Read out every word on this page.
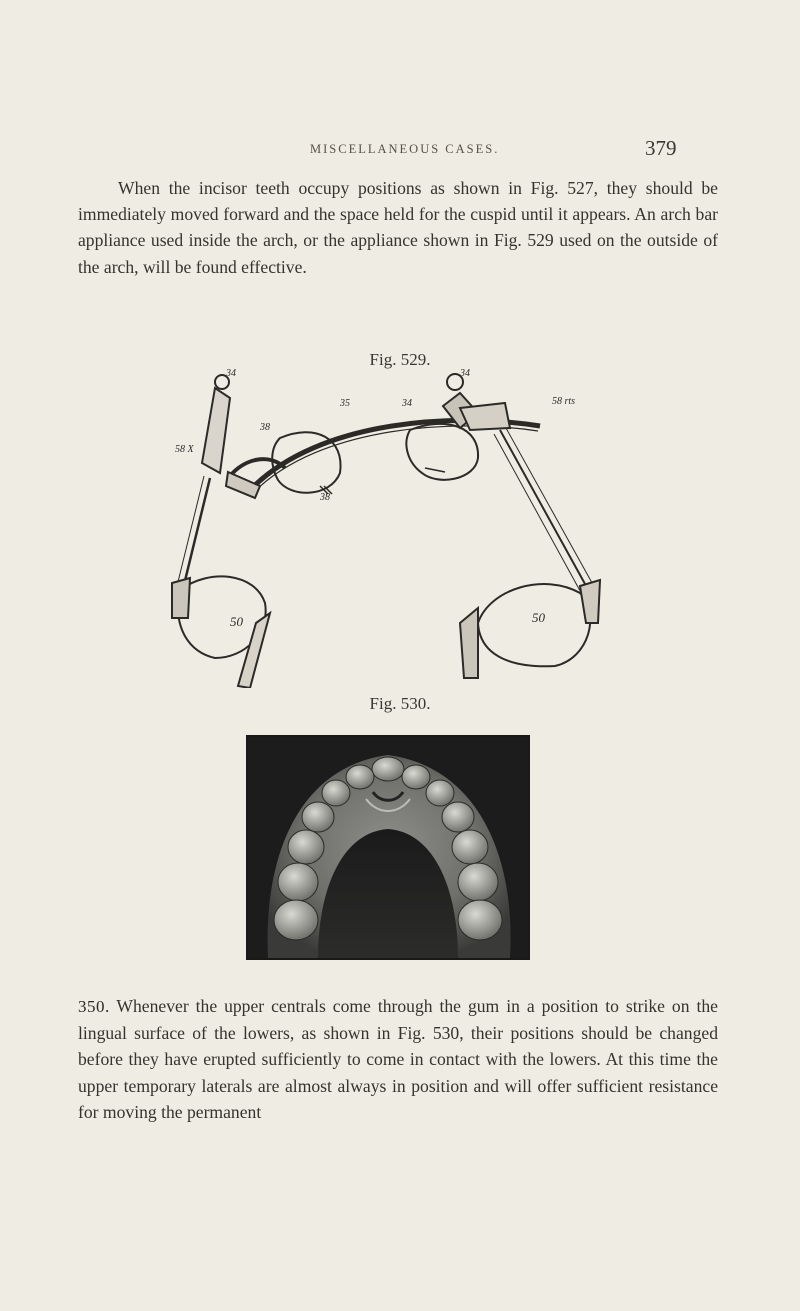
MISCELLANEOUS CASES.	379

When the incisor teeth occupy positions as shown in Fig. 527, they should be immediately moved forward and the space held for the cuspid until it appears. An arch bar appliance used inside the arch, or the appliance shown in Fig. 529 used on the outside of the arch, will be found effective.

Fig. 529.
34	34
58 X
38
35	34	58 rts
38
50	50
Fig. 530.

350. Whenever the upper centrals come through the gum in a position to strike on the lingual surface of the lowers, as shown in Fig. 530, their positions should be changed before they have erupted sufficiently to come in contact with the lowers. At this time the upper temporary laterals are almost always in position and will offer sufficient resistance for moving the permanent
